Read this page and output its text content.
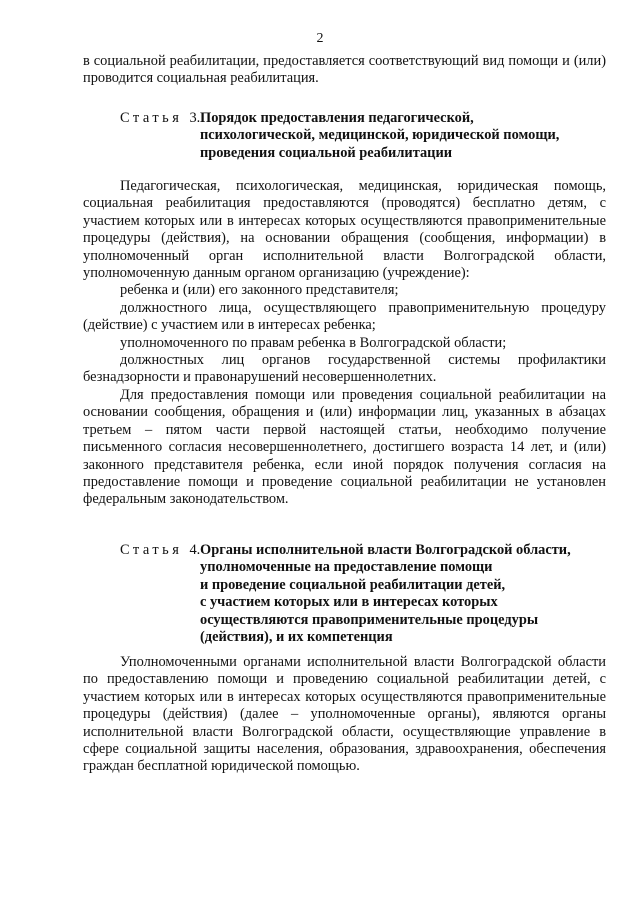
2

в социальной реабилитации, предоставляется соответствующий вид помощи и (или) проводится социальная реабилитация.

Статья 3. Порядок предоставления педагогической,
психологической, медицинской, юридической помощи,
проведения социальной реабилитации

Педагогическая, психологическая, медицинская, юридическая помощь, социальная реабилитация предоставляются (проводятся) бесплатно детям, с участием которых или в интересах которых осуществляются правоприменительные процедуры (действия), на основании обращения (сообщения, информации) в уполномоченный орган исполнительной власти Волгоградской области, уполномоченную данным органом организацию (учреждение):

ребенка и (или) его законного представителя;

должностного лица, осуществляющего правоприменительную процедуру (действие) с участием или в интересах ребенка;

уполномоченного по правам ребенка в Волгоградской области;

должностных лиц органов государственной системы профилактики безнадзорности и правонарушений несовершеннолетних.

Для предоставления помощи или проведения социальной реабилитации на основании сообщения, обращения и (или) информации лиц, указанных в абзацах третьем – пятом части первой настоящей статьи, необходимо получение письменного согласия несовершеннолетнего, достигшего возраста 14 лет, и (или) законного представителя ребенка, если иной порядок получения согласия на предоставление помощи и проведение социальной реабилитации не установлен федеральным законодательством.

Статья 4. Органы исполнительной власти Волгоградской области,
уполномоченные на предоставление помощи
и проведение социальной реабилитации детей,
с участием которых или в интересах которых
осуществляются правоприменительные процедуры
(действия), и их компетенция

Уполномоченными органами исполнительной власти Волгоградской области по предоставлению помощи и проведению социальной реабилитации детей, с участием которых или в интересах которых осуществляются правоприменительные процедуры (действия) (далее – уполномоченные органы), являются органы исполнительной власти Волгоградской области, осуществляющие управление в сфере социальной защиты населения, образования, здравоохранения, обеспечения граждан бесплатной юридической помощью.
